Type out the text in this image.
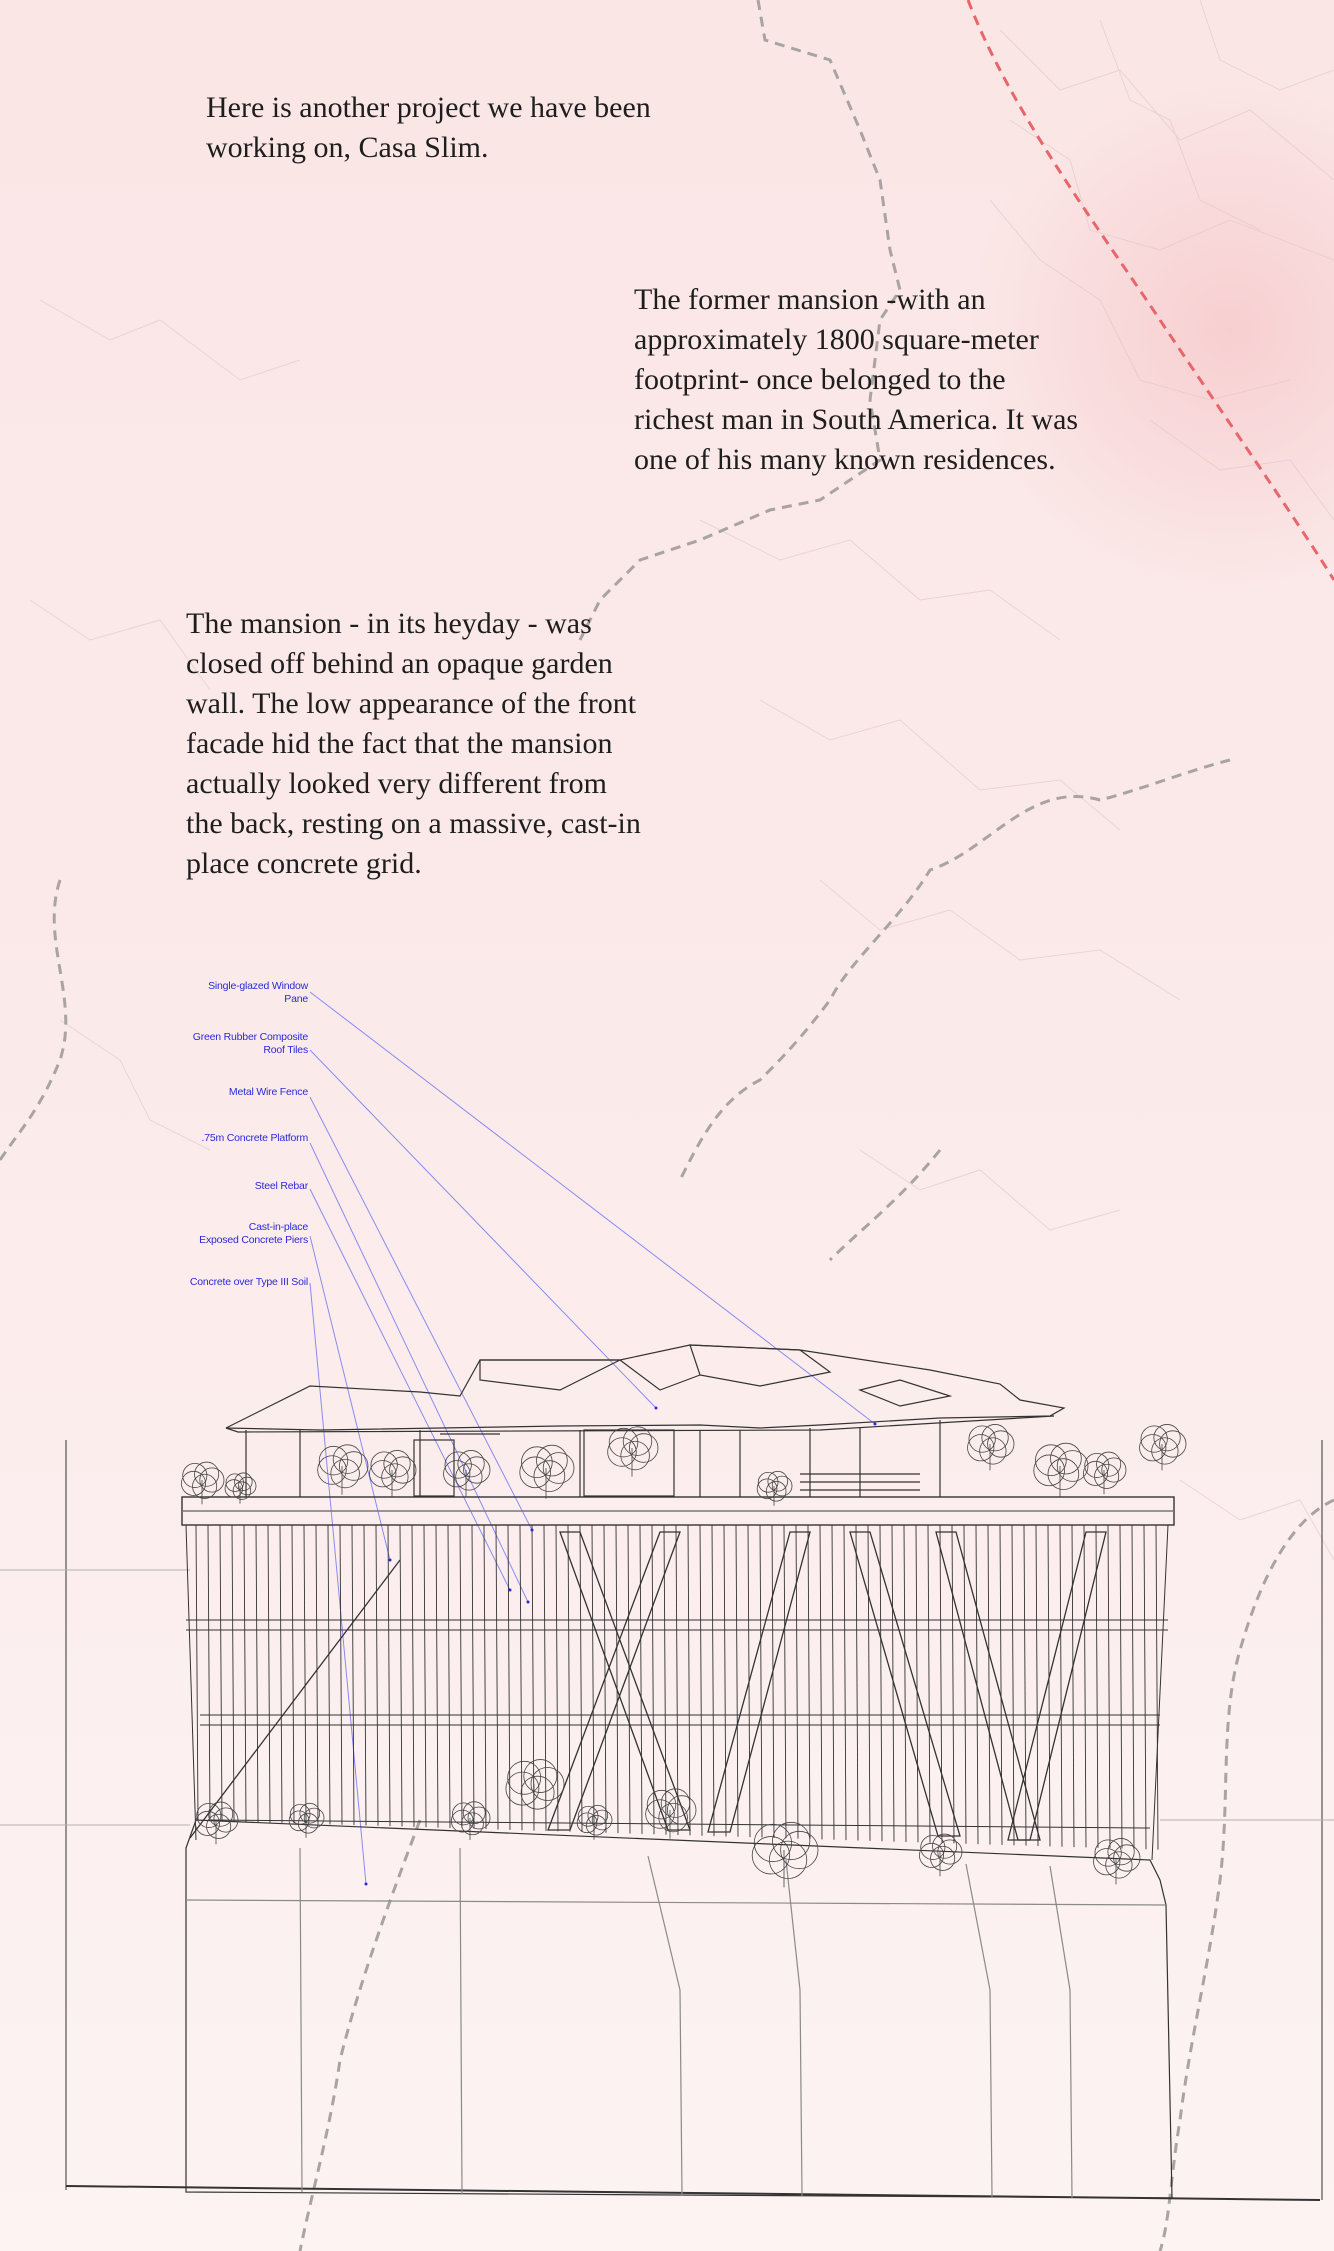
Here is another project we have been
working on, Casa Slim.

The former mansion -with an
approximately 1800 square-meter
footprint- once belonged to the
richest man in South America. It was
one of his many known residences.

The mansion - in its heyday - was
closed off behind an opaque garden
wall. The low appearance of the front
facade hid the fact that the mansion
actually looked very different from
the back, resting on a massive, cast-in
place concrete grid.

Single-glazed Window
Pane
Green Rubber Composite
Roof Tiles
Metal Wire Fence
.75m Concrete Platform
Steel Rebar
Cast-in-place
Exposed Concrete Piers
Concrete over Type III Soil
